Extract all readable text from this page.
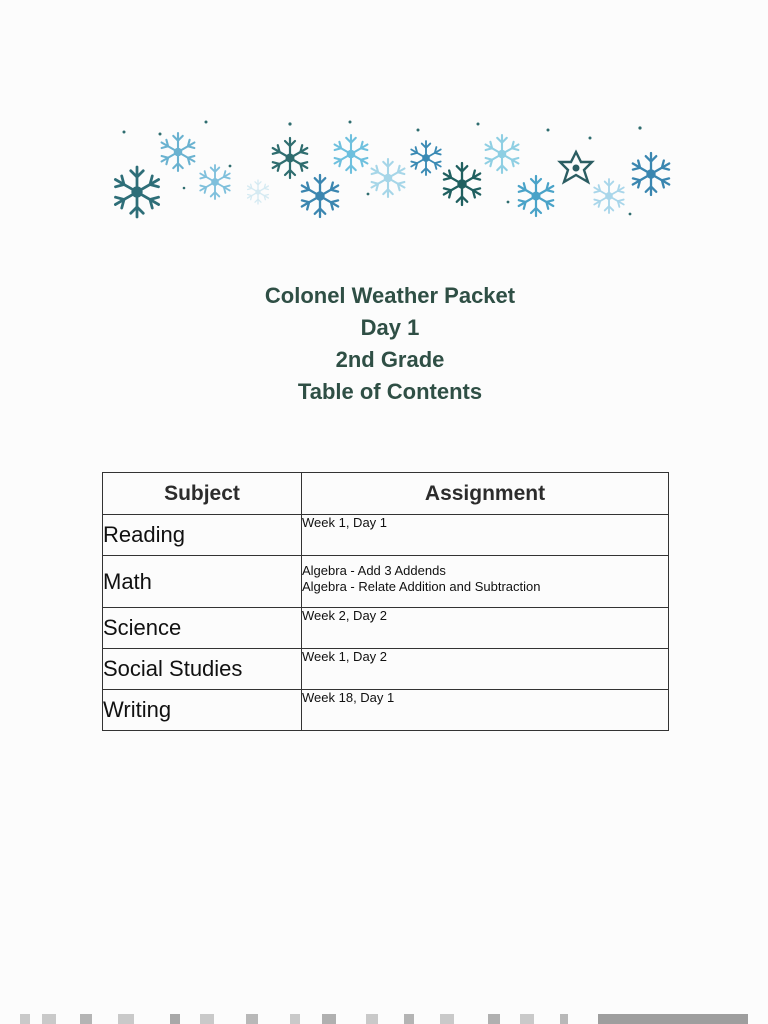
Colonel Weather Packet
Day 1
2nd Grade
Table of Contents
Subject	Assignment
Reading	Week 1, Day 1

Math	Algebra - Add 3 Addends
Algebra - Relate Addition and Subtraction

Science	Week 2, Day 2

Social Studies	Week 1, Day 2

Writing	Week 18, Day 1
